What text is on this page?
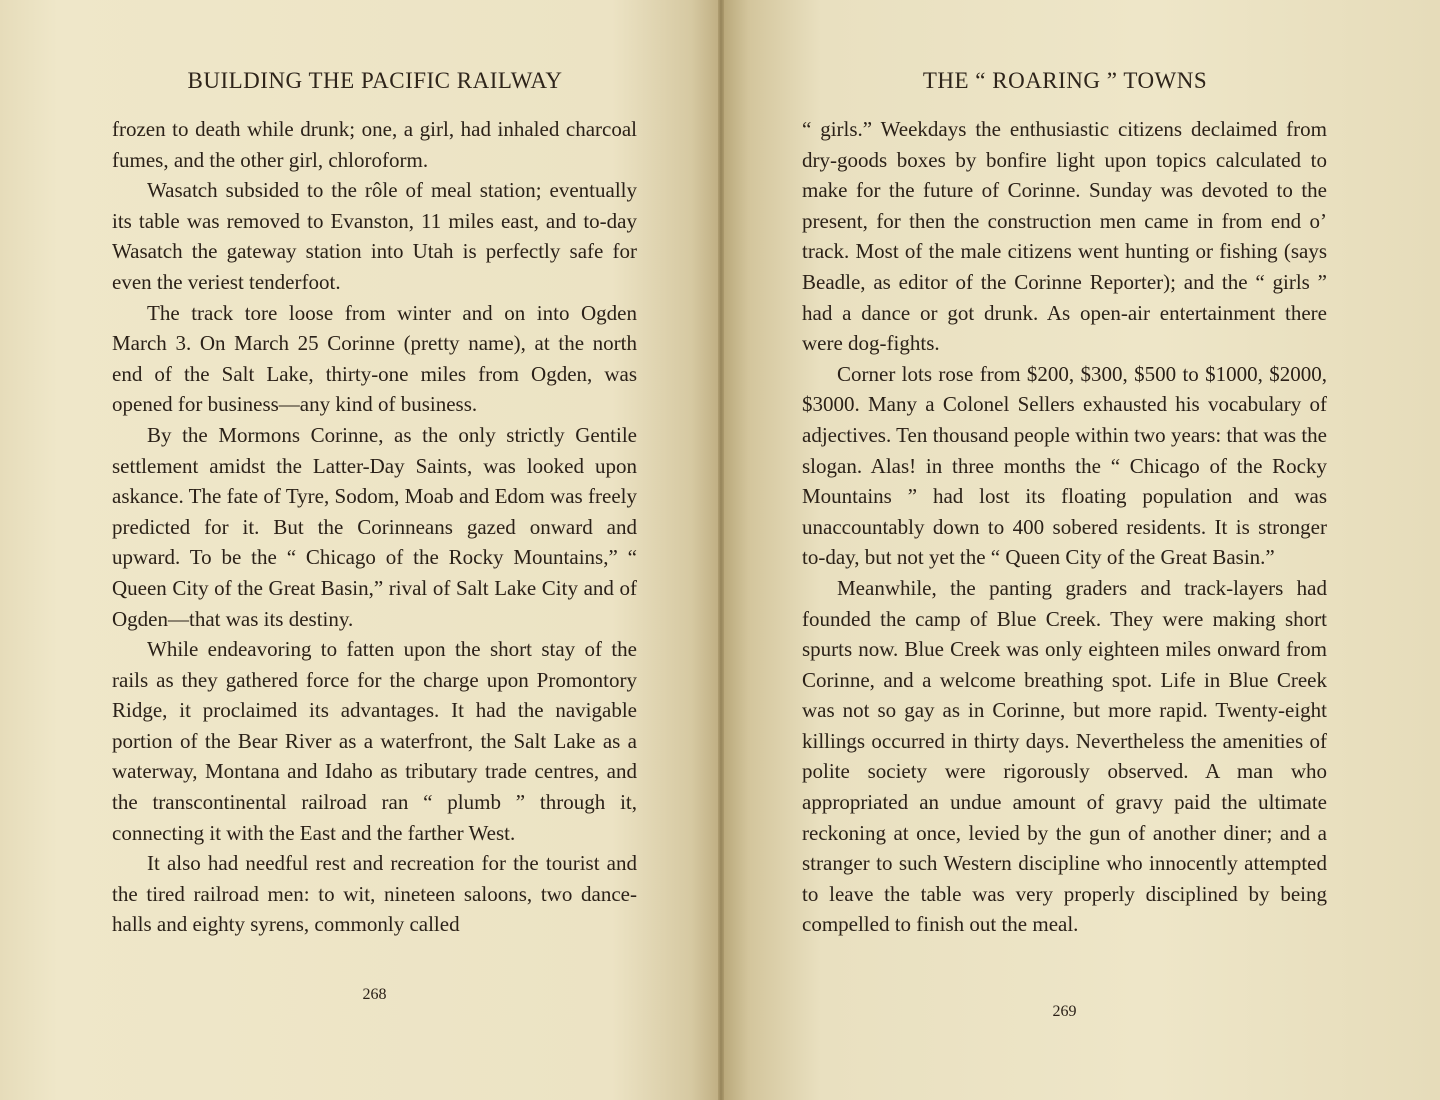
BUILDING THE PACIFIC RAILWAY

frozen to death while drunk; one, a girl, had inhaled charcoal fumes, and the other girl, chloroform.

Wasatch subsided to the rôle of meal station; eventually its table was removed to Evanston, 11 miles east, and to-day Wasatch the gateway station into Utah is perfectly safe for even the veriest tenderfoot.

The track tore loose from winter and on into Ogden March 3. On March 25 Corinne (pretty name), at the north end of the Salt Lake, thirty-one miles from Ogden, was opened for business—any kind of business.

By the Mormons Corinne, as the only strictly Gentile settlement amidst the Latter-Day Saints, was looked upon askance. The fate of Tyre, Sodom, Moab and Edom was freely predicted for it. But the Corinneans gazed onward and upward. To be the “ Chicago of the Rocky Mountains,” “ Queen City of the Great Basin,” rival of Salt Lake City and of Ogden—that was its destiny.

While endeavoring to fatten upon the short stay of the rails as they gathered force for the charge upon Promontory Ridge, it proclaimed its advantages. It had the navigable portion of the Bear River as a waterfront, the Salt Lake as a waterway, Montana and Idaho as tributary trade centres, and the transcontinental railroad ran “ plumb ” through it, connecting it with the East and the farther West.

It also had needful rest and recreation for the tourist and the tired railroad men: to wit, nineteen saloons, two dance-halls and eighty syrens, commonly called

268
THE “ ROARING ” TOWNS

“ girls.” Weekdays the enthusiastic citizens declaimed from dry-goods boxes by bonfire light upon topics calculated to make for the future of Corinne. Sunday was devoted to the present, for then the construction men came in from end o’ track. Most of the male citizens went hunting or fishing (says Beadle, as editor of the Corinne Reporter); and the “ girls ” had a dance or got drunk. As open-air entertainment there were dog-fights.

Corner lots rose from $200, $300, $500 to $1000, $2000, $3000. Many a Colonel Sellers exhausted his vocabulary of adjectives. Ten thousand people within two years: that was the slogan. Alas! in three months the “ Chicago of the Rocky Mountains ” had lost its floating population and was unaccountably down to 400 sobered residents. It is stronger to-day, but not yet the “ Queen City of the Great Basin.”

Meanwhile, the panting graders and track-layers had founded the camp of Blue Creek. They were making short spurts now. Blue Creek was only eighteen miles onward from Corinne, and a welcome breathing spot. Life in Blue Creek was not so gay as in Corinne, but more rapid. Twenty-eight killings occurred in thirty days. Nevertheless the amenities of polite society were rigorously observed. A man who appropriated an undue amount of gravy paid the ultimate reckoning at once, levied by the gun of another diner; and a stranger to such Western discipline who innocently attempted to leave the table was very properly disciplined by being compelled to finish out the meal.

269
